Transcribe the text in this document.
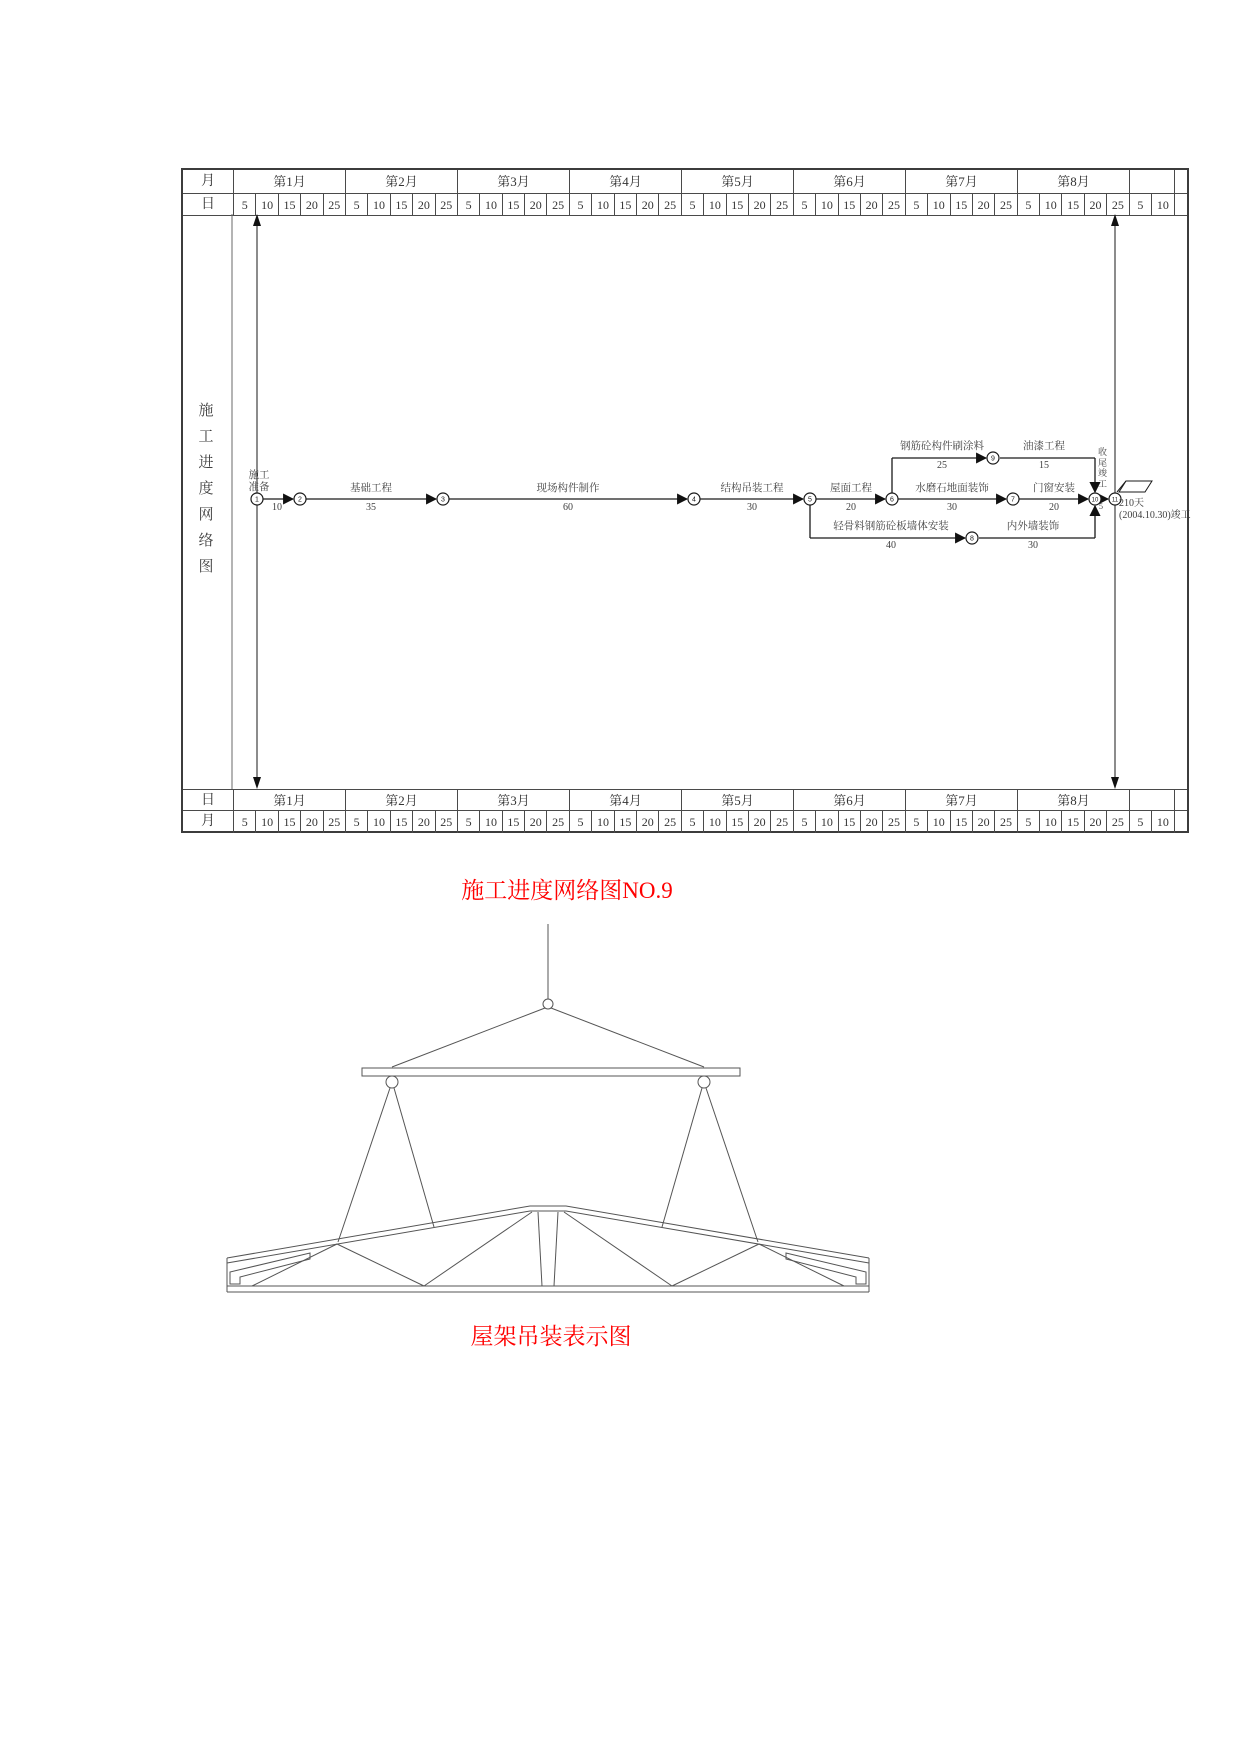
月	第1月	第2月	第3月	第4月	第5月	第6月	第7月	第8月
日	5	10 15 20 25	5	10 15 20 25	5	10 15 20 25	5	10 15 20 25	5	10 15 20 25	5	10 15 20 25	5	10 15 20 25	5	10 15 20 25	5	10
日	第1月	第2月	第3月	第4月	第5月	第6月	第7月	第8月
月	5	10 15 20 25	5	10 15 20 25	5	10 15 20 25	5	10 15 20 25	5	10 15 20 25	5	10 15 20 25	5	10 15 20 25	5	10 15 20 25	5	10
施工进度网络图
1	2	3	4	5	6	7
8
9
10 11
施工准备
10
基础工程
35
现场构件制作
60
结构吊装工程
30
屋面工程
20
水磨石地面装饰
30
门窗安装
20
钢筋砼构件刷涂料
25
油漆工程
15
轻骨料钢筋砼板墙体安装
40
内外墙装饰
30
收尾竣工
5 210天
(2004.10.30)竣工
施工进度网络图NO.9
屋架吊装表示图
